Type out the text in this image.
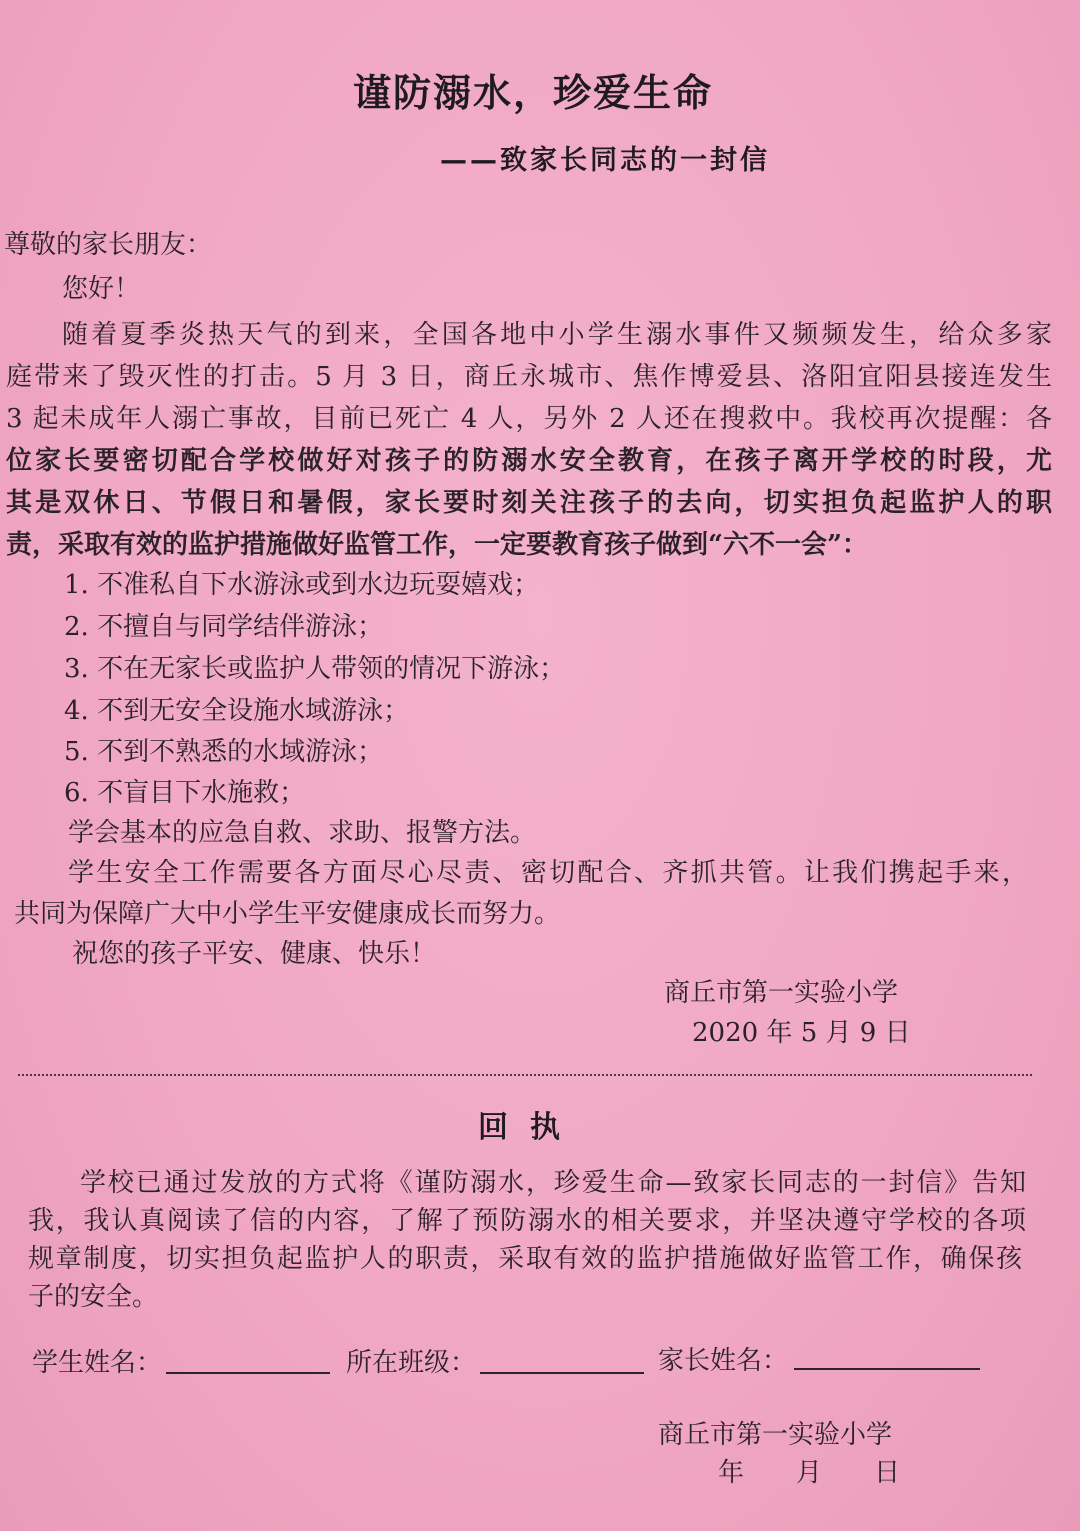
谨防溺水，珍爱生命
——致家长同志的一封信
尊敬的家长朋友：
您好！
随着夏季炎热天气的到来，全国各地中小学生溺水事件又频频发生，给众多家
庭带来了毁灭性的打击。5 月 3 日，商丘永城市、焦作博爱县、洛阳宜阳县接连发生
3 起未成年人溺亡事故，目前已死亡 4 人，另外 2 人还在搜救中。我校再次提醒：各
位家长要密切配合学校做好对孩子的防溺水安全教育，在孩子离开学校的时段，尤
其是双休日、节假日和暑假，家长要时刻关注孩子的去向，切实担负起监护人的职
责，采取有效的监护措施做好监管工作，一定要教育孩子做到“六不一会”：
1. 不准私自下水游泳或到水边玩耍嬉戏；
2. 不擅自与同学结伴游泳；
3. 不在无家长或监护人带领的情况下游泳；
4. 不到无安全设施水域游泳；
5. 不到不熟悉的水域游泳；
6. 不盲目下水施救；
学会基本的应急自救、求助、报警方法。
学生安全工作需要各方面尽心尽责、密切配合、齐抓共管。让我们携起手来，
共同为保障广大中小学生平安健康成长而努力。
祝您的孩子平安、健康、快乐！
商丘市第一实验小学
2020 年 5 月 9 日
回执
学校已通过发放的方式将《谨防溺水，珍爱生命—致家长同志的一封信》告知
我，我认真阅读了信的内容，了解了预防溺水的相关要求，并坚决遵守学校的各项
规章制度，切实担负起监护人的职责，采取有效的监护措施做好监管工作，确保孩
子的安全。
学生姓名：	所在班级：	家长姓名：
商丘市第一实验小学
年　　月　　日
